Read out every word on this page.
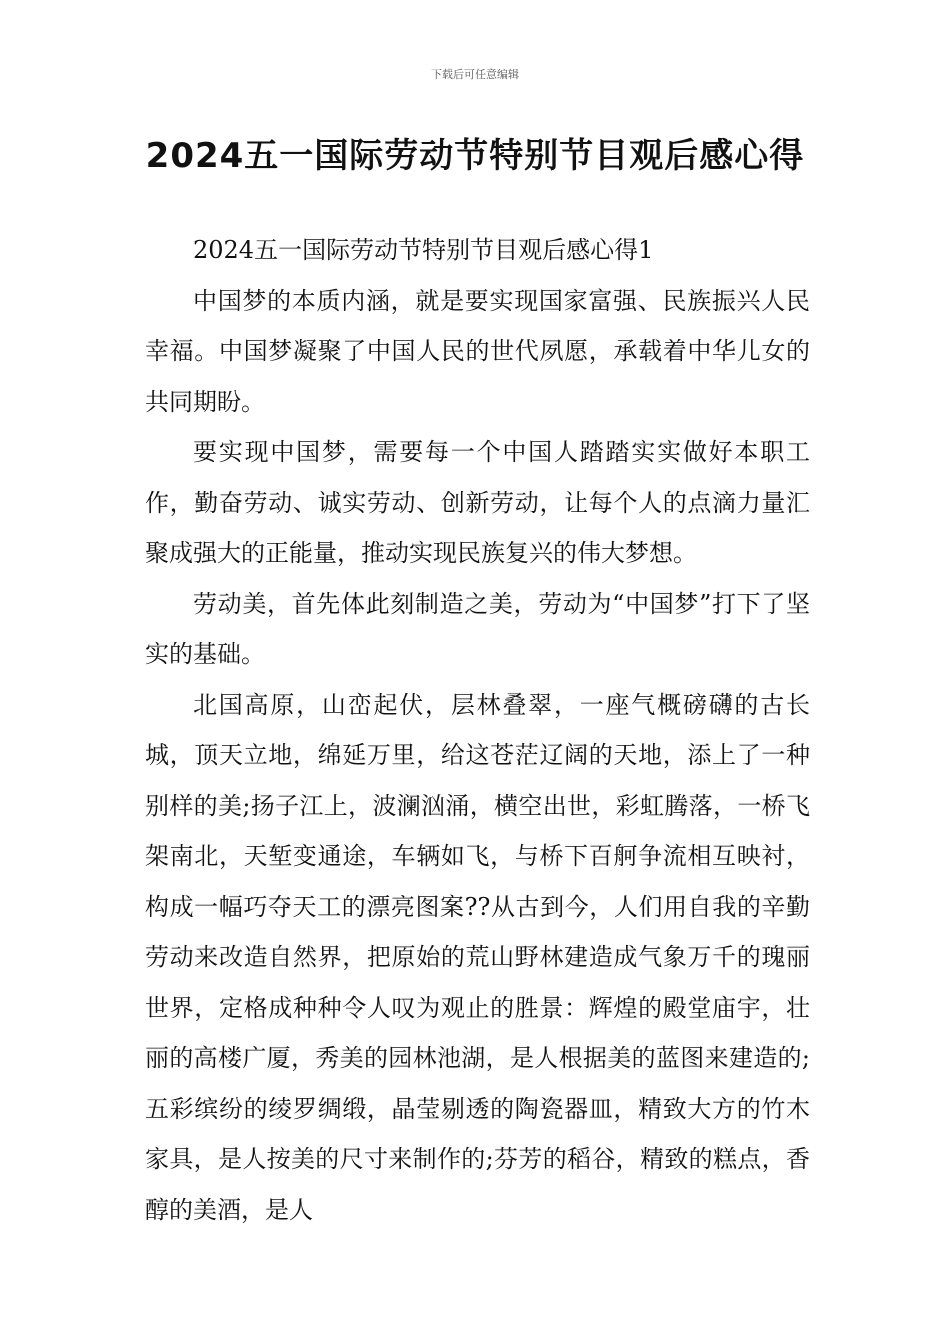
下载后可任意编辑
2024五一国际劳动节特别节目观后感心得

2024五一国际劳动节特别节目观后感心得1

中国梦的本质内涵，就是要实现国家富强、民族振兴人民幸福。中国梦凝聚了中国人民的世代夙愿，承载着中华儿女的共同期盼。

要实现中国梦，需要每一个中国人踏踏实实做好本职工作，勤奋劳动、诚实劳动、创新劳动，让每个人的点滴力量汇聚成强大的正能量，推动实现民族复兴的伟大梦想。

劳动美，首先体此刻制造之美，劳动为“中国梦”打下了坚实的基础。

北国高原，山峦起伏，层林叠翠，一座气概磅礴的古长城，顶天立地，绵延万里，给这苍茫辽阔的天地，添上了一种别样的美;扬子江上，波澜汹涌，横空出世，彩虹腾落，一桥飞架南北，天堑变通途，车辆如飞，与桥下百舸争流相互映衬，构成一幅巧夺天工的漂亮图案??从古到今，人们用自我的辛勤劳动来改造自然界，把原始的荒山野林建造成气象万千的瑰丽世界，定格成种种令人叹为观止的胜景：辉煌的殿堂庙宇，壮丽的高楼广厦，秀美的园林池湖，是人根据美的蓝图来建造的;五彩缤纷的绫罗绸缎，晶莹剔透的陶瓷器皿，精致大方的竹木家具，是人按美的尺寸来制作的;芬芳的稻谷，精致的糕点，香醇的美酒，是人
